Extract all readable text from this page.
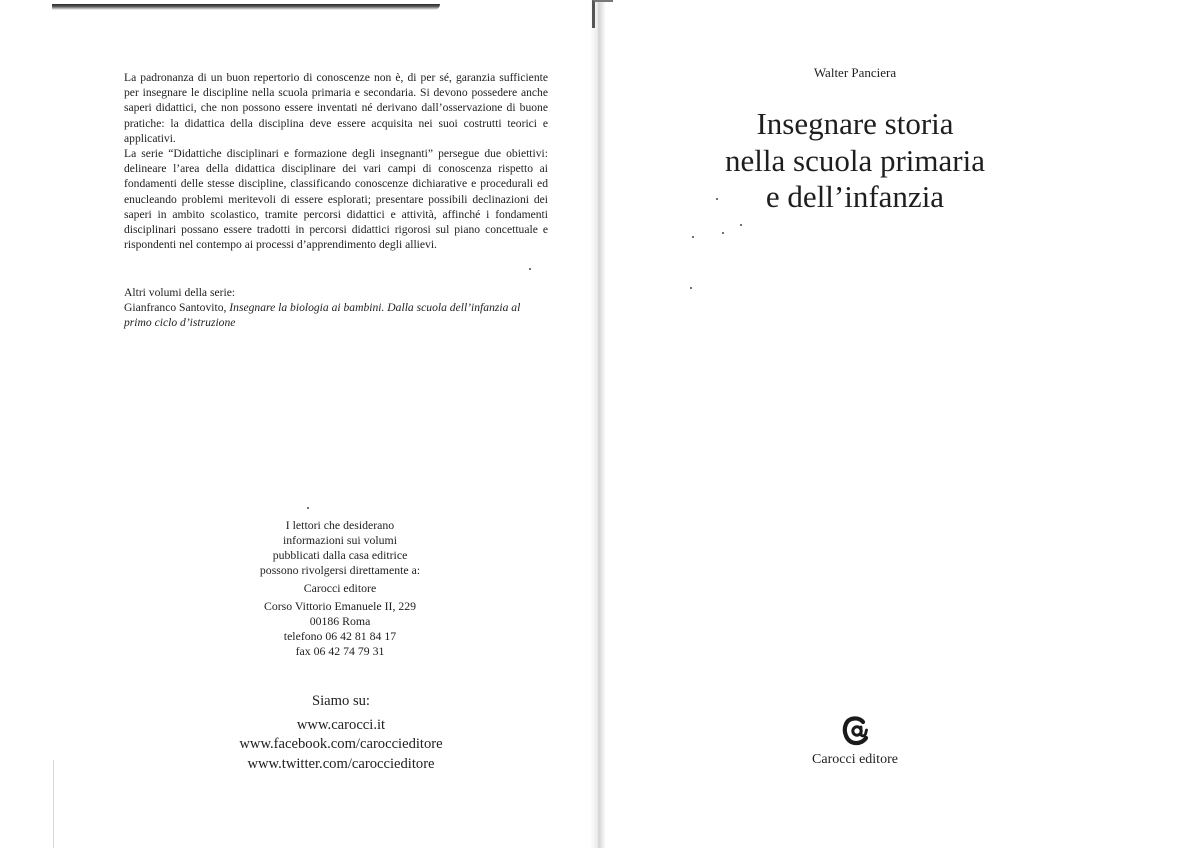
La padronanza di un buon repertorio di conoscenze non è, di per sé, garanzia sufficiente per insegnare le discipline nella scuola primaria e secondaria. Si devono possedere anche saperi didattici, che non possono essere inventati né derivano dall’osservazione di buone pratiche: la didattica della disciplina deve essere acquisita nei suoi costrutti teorici e applicativi.

La serie “Didattiche disciplinari e formazione degli insegnanti” persegue due obiettivi: delineare l’area della didattica disciplinare dei vari campi di conoscenza rispetto ai fondamenti delle stesse discipline, classificando conoscenze dichiarative e procedurali ed enucleando problemi meritevoli di essere esplorati; presentare possibili declinazioni dei saperi in ambito scolastico, tramite percorsi didattici e attività, affinché i fondamenti disciplinari possano essere tradotti in percorsi didattici rigorosi sul piano concettuale e rispondenti nel contempo ai processi d’apprendimento degli allievi.

Altri volumi della serie:
Gianfranco Santovito, Insegnare la biologia ai bambini. Dalla scuola dell’infanzia al primo ciclo d’istruzione
I lettori che desiderano
informazioni sui volumi
pubblicati dalla casa editrice
possono rivolgersi direttamente a:
Carocci editore
Corso Vittorio Emanuele II, 229
00186 Roma
telefono 06 42 81 84 17
fax 06 42 74 79 31
Siamo su:
www.carocci.it
www.facebook.com/caroccieditore
www.twitter.com/caroccieditore
Walter Panciera
Insegnare storia
nella scuola primaria
e dell’infanzia
Carocci editore
